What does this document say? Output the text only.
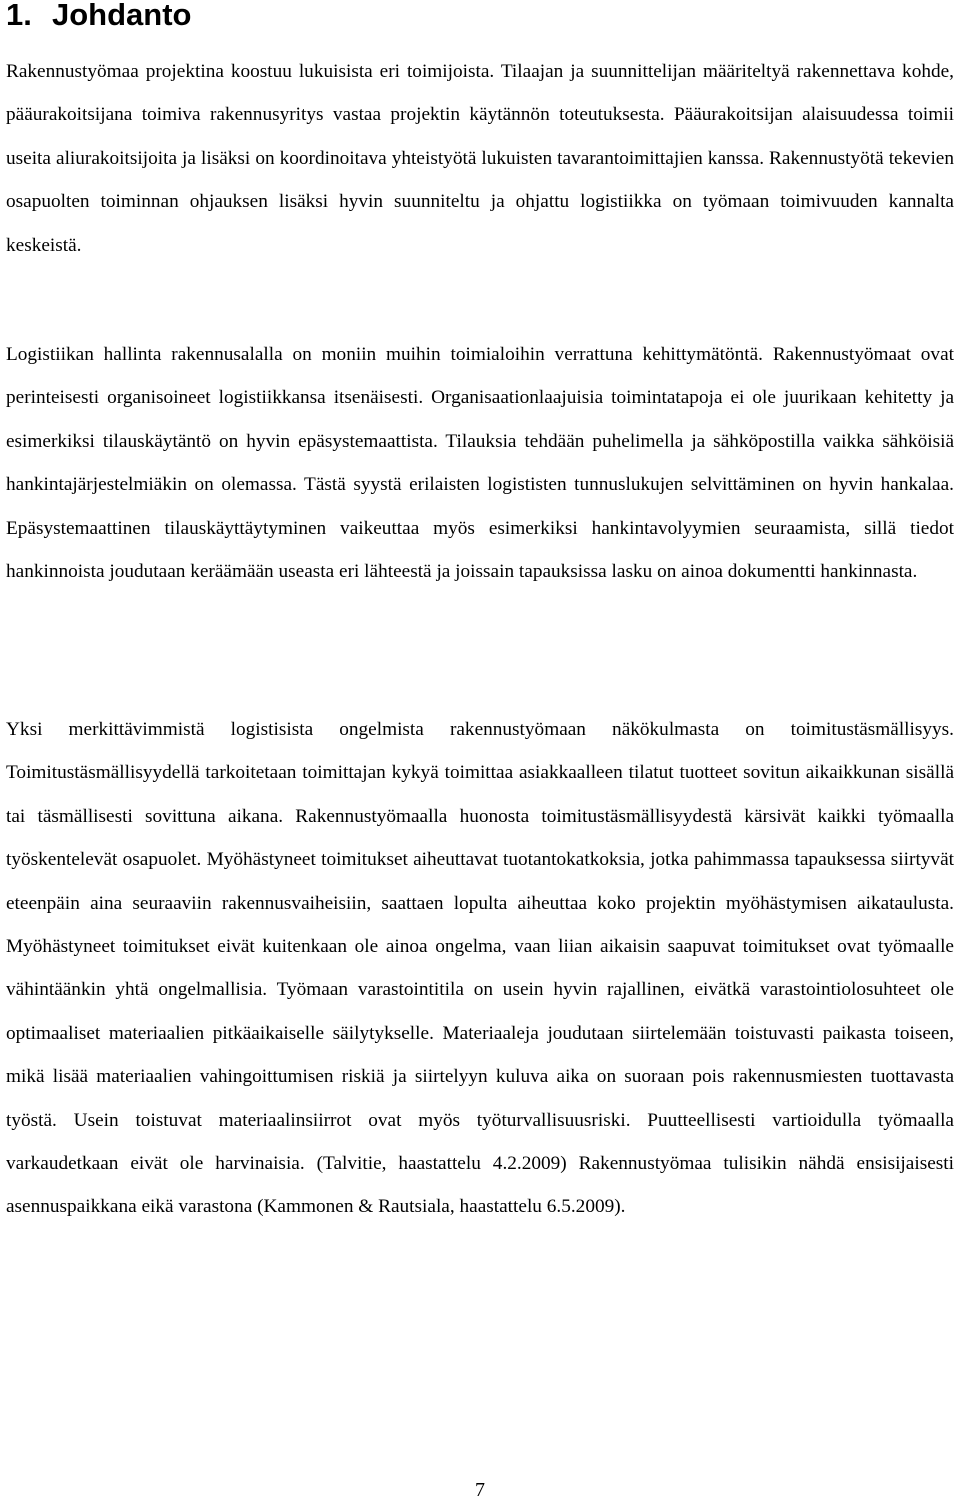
1. Johdanto

Rakennustyömaa projektina koostuu lukuisista eri toimijoista. Tilaajan ja suunnittelijan määriteltyä rakennettava kohde, pääurakoitsijana toimiva rakennusyritys vastaa projektin käytännön toteutuksesta. Pääurakoitsijan alaisuudessa toimii useita aliurakoitsijoita ja lisäksi on koordinoitava yhteistyötä lukuisten tavarantoimittajien kanssa. Rakennustyötä tekevien osapuolten toiminnan ohjauksen lisäksi hyvin suunniteltu ja ohjattu logistiikka on työmaan toimivuuden kannalta keskeistä.

Logistiikan hallinta rakennusalalla on moniin muihin toimialoihin verrattuna kehittymätöntä. Rakennustyömaat ovat perinteisesti organisoineet logistiikkansa itsenäisesti. Organisaationlaajuisia toimintatapoja ei ole juurikaan kehitetty ja esimerkiksi tilauskäytäntö on hyvin epäsystemaattista. Tilauksia tehdään puhelimella ja sähköpostilla vaikka sähköisiä hankintajärjestelmiäkin on olemassa. Tästä syystä erilaisten logististen tunnuslukujen selvittäminen on hyvin hankalaa. Epäsystemaattinen tilauskäyttäytyminen vaikeuttaa myös esimerkiksi hankintavolyymien seuraamista, sillä tiedot hankinnoista joudutaan keräämään useasta eri lähteestä ja joissain tapauksissa lasku on ainoa dokumentti hankinnasta.

Yksi merkittävimmistä logistisista ongelmista rakennustyömaan näkökulmasta on toimitustäsmällisyys. Toimitustäsmällisyydellä tarkoitetaan toimittajan kykyä toimittaa asiakkaalleen tilatut tuotteet sovitun aikaikkunan sisällä tai täsmällisesti sovittuna aikana. Rakennustyömaalla huonosta toimitustäsmällisyydestä kärsivät kaikki työmaalla työskentelevät osapuolet. Myöhästyneet toimitukset aiheuttavat tuotantokatkoksia, jotka pahimmassa tapauksessa siirtyvät eteenpäin aina seuraaviin rakennusvaiheisiin, saattaen lopulta aiheuttaa koko projektin myöhästymisen aikataulusta. Myöhästyneet toimitukset eivät kuitenkaan ole ainoa ongelma, vaan liian aikaisin saapuvat toimitukset ovat työmaalle vähintäänkin yhtä ongelmallisia. Työmaan varastointitila on usein hyvin rajallinen, eivätkä varastointiolosuhteet ole optimaaliset materiaalien pitkäaikaiselle säilytykselle. Materiaaleja joudutaan siirtelemään toistuvasti paikasta toiseen, mikä lisää materiaalien vahingoittumisen riskiä ja siirtelyyn kuluva aika on suoraan pois rakennusmiesten tuottavasta työstä. Usein toistuvat materiaalinsiirrot ovat myös työturvallisuusriski. Puutteellisesti vartioidulla työmaalla varkaudetkaan eivät ole harvinaisia. (Talvitie, haastattelu 4.2.2009) Rakennustyömaa tulisikin nähdä ensisijaisesti asennuspaikkana eikä varastona (Kammonen & Rautsiala, haastattelu 6.5.2009).

7
